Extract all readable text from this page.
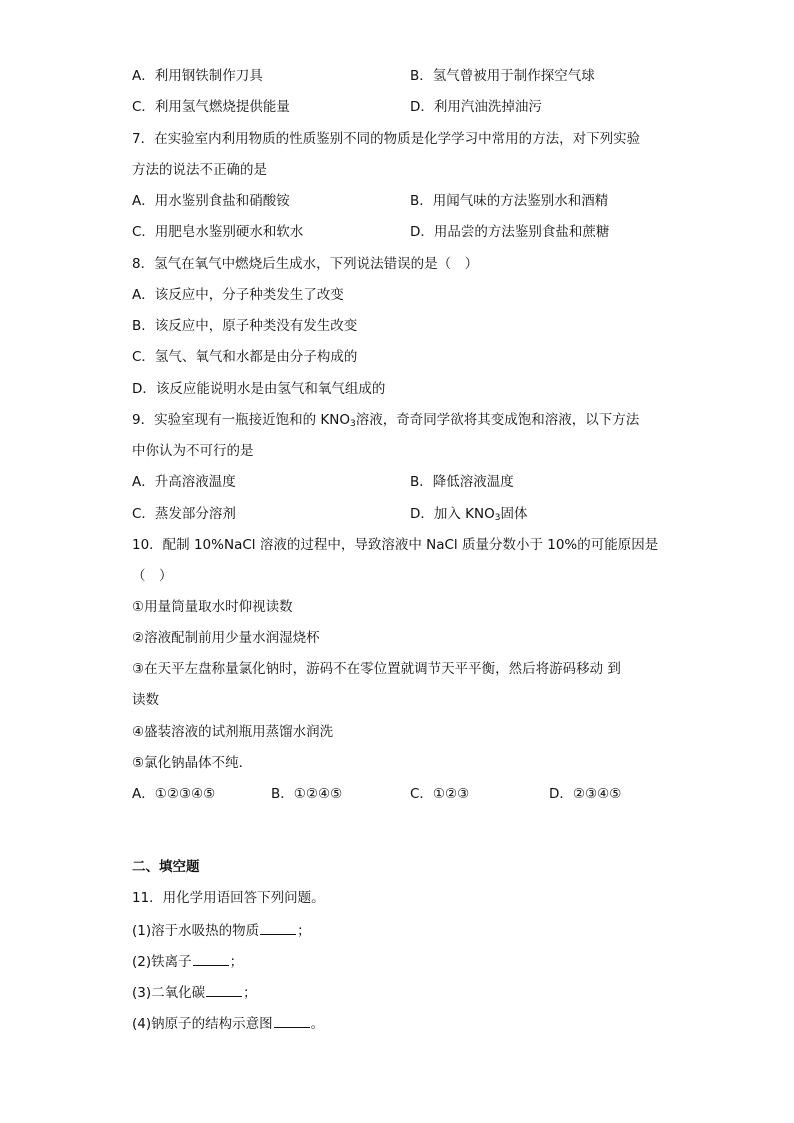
A．利用钢铁制作刀具	B．氢气曾被用于制作探空气球
C．利用氢气燃烧提供能量	D．利用汽油洗掉油污
7．在实验室内利用物质的性质鉴别不同的物质是化学学习中常用的方法，对下列实验
方法的说法不正确的是
A．用水鉴别食盐和硝酸铵	B．用闻气味的方法鉴别水和酒精
C．用肥皂水鉴别硬水和软水	D．用品尝的方法鉴别食盐和蔗糖
8．氢气在氧气中燃烧后生成水，下列说法错误的是（　）
A．该反应中，分子种类发生了改变
B．该反应中，原子种类没有发生改变
C．氢气、氧气和水都是由分子构成的
D．该反应能说明水是由氢气和氧气组成的
9．实验室现有一瓶接近饱和的 $KNO_3$溶液，奇奇同学欲将其变成饱和溶液，以下方法
中你认为不可行的是
A．升高溶液温度	B．降低溶液温度
C．蒸发部分溶剂	D．加入 $KNO_3$固体
10．配制 10%NaCl 溶液的过程中，导致溶液中 NaCl 质量分数小于 10%的可能原因是
（　）
①用量筒量取水时仰视读数
②溶液配制前用少量水润湿烧杯
③在天平左盘称量氯化钠时，游码不在零位置就调节天平平衡，然后将游码移动 到
读数
④盛装溶液的试剂瓶用蒸馏水润洗
⑤氯化钠晶体不纯．
A．①②③④⑤	B．①②④⑤	C．①②③	D．②③④⑤
二、填空题
11．用化学用语回答下列问题。
(1)溶于水吸热的物质	；
(2)铁离子	；
(3)二氧化碳	；
(4)钠原子的结构示意图	。
